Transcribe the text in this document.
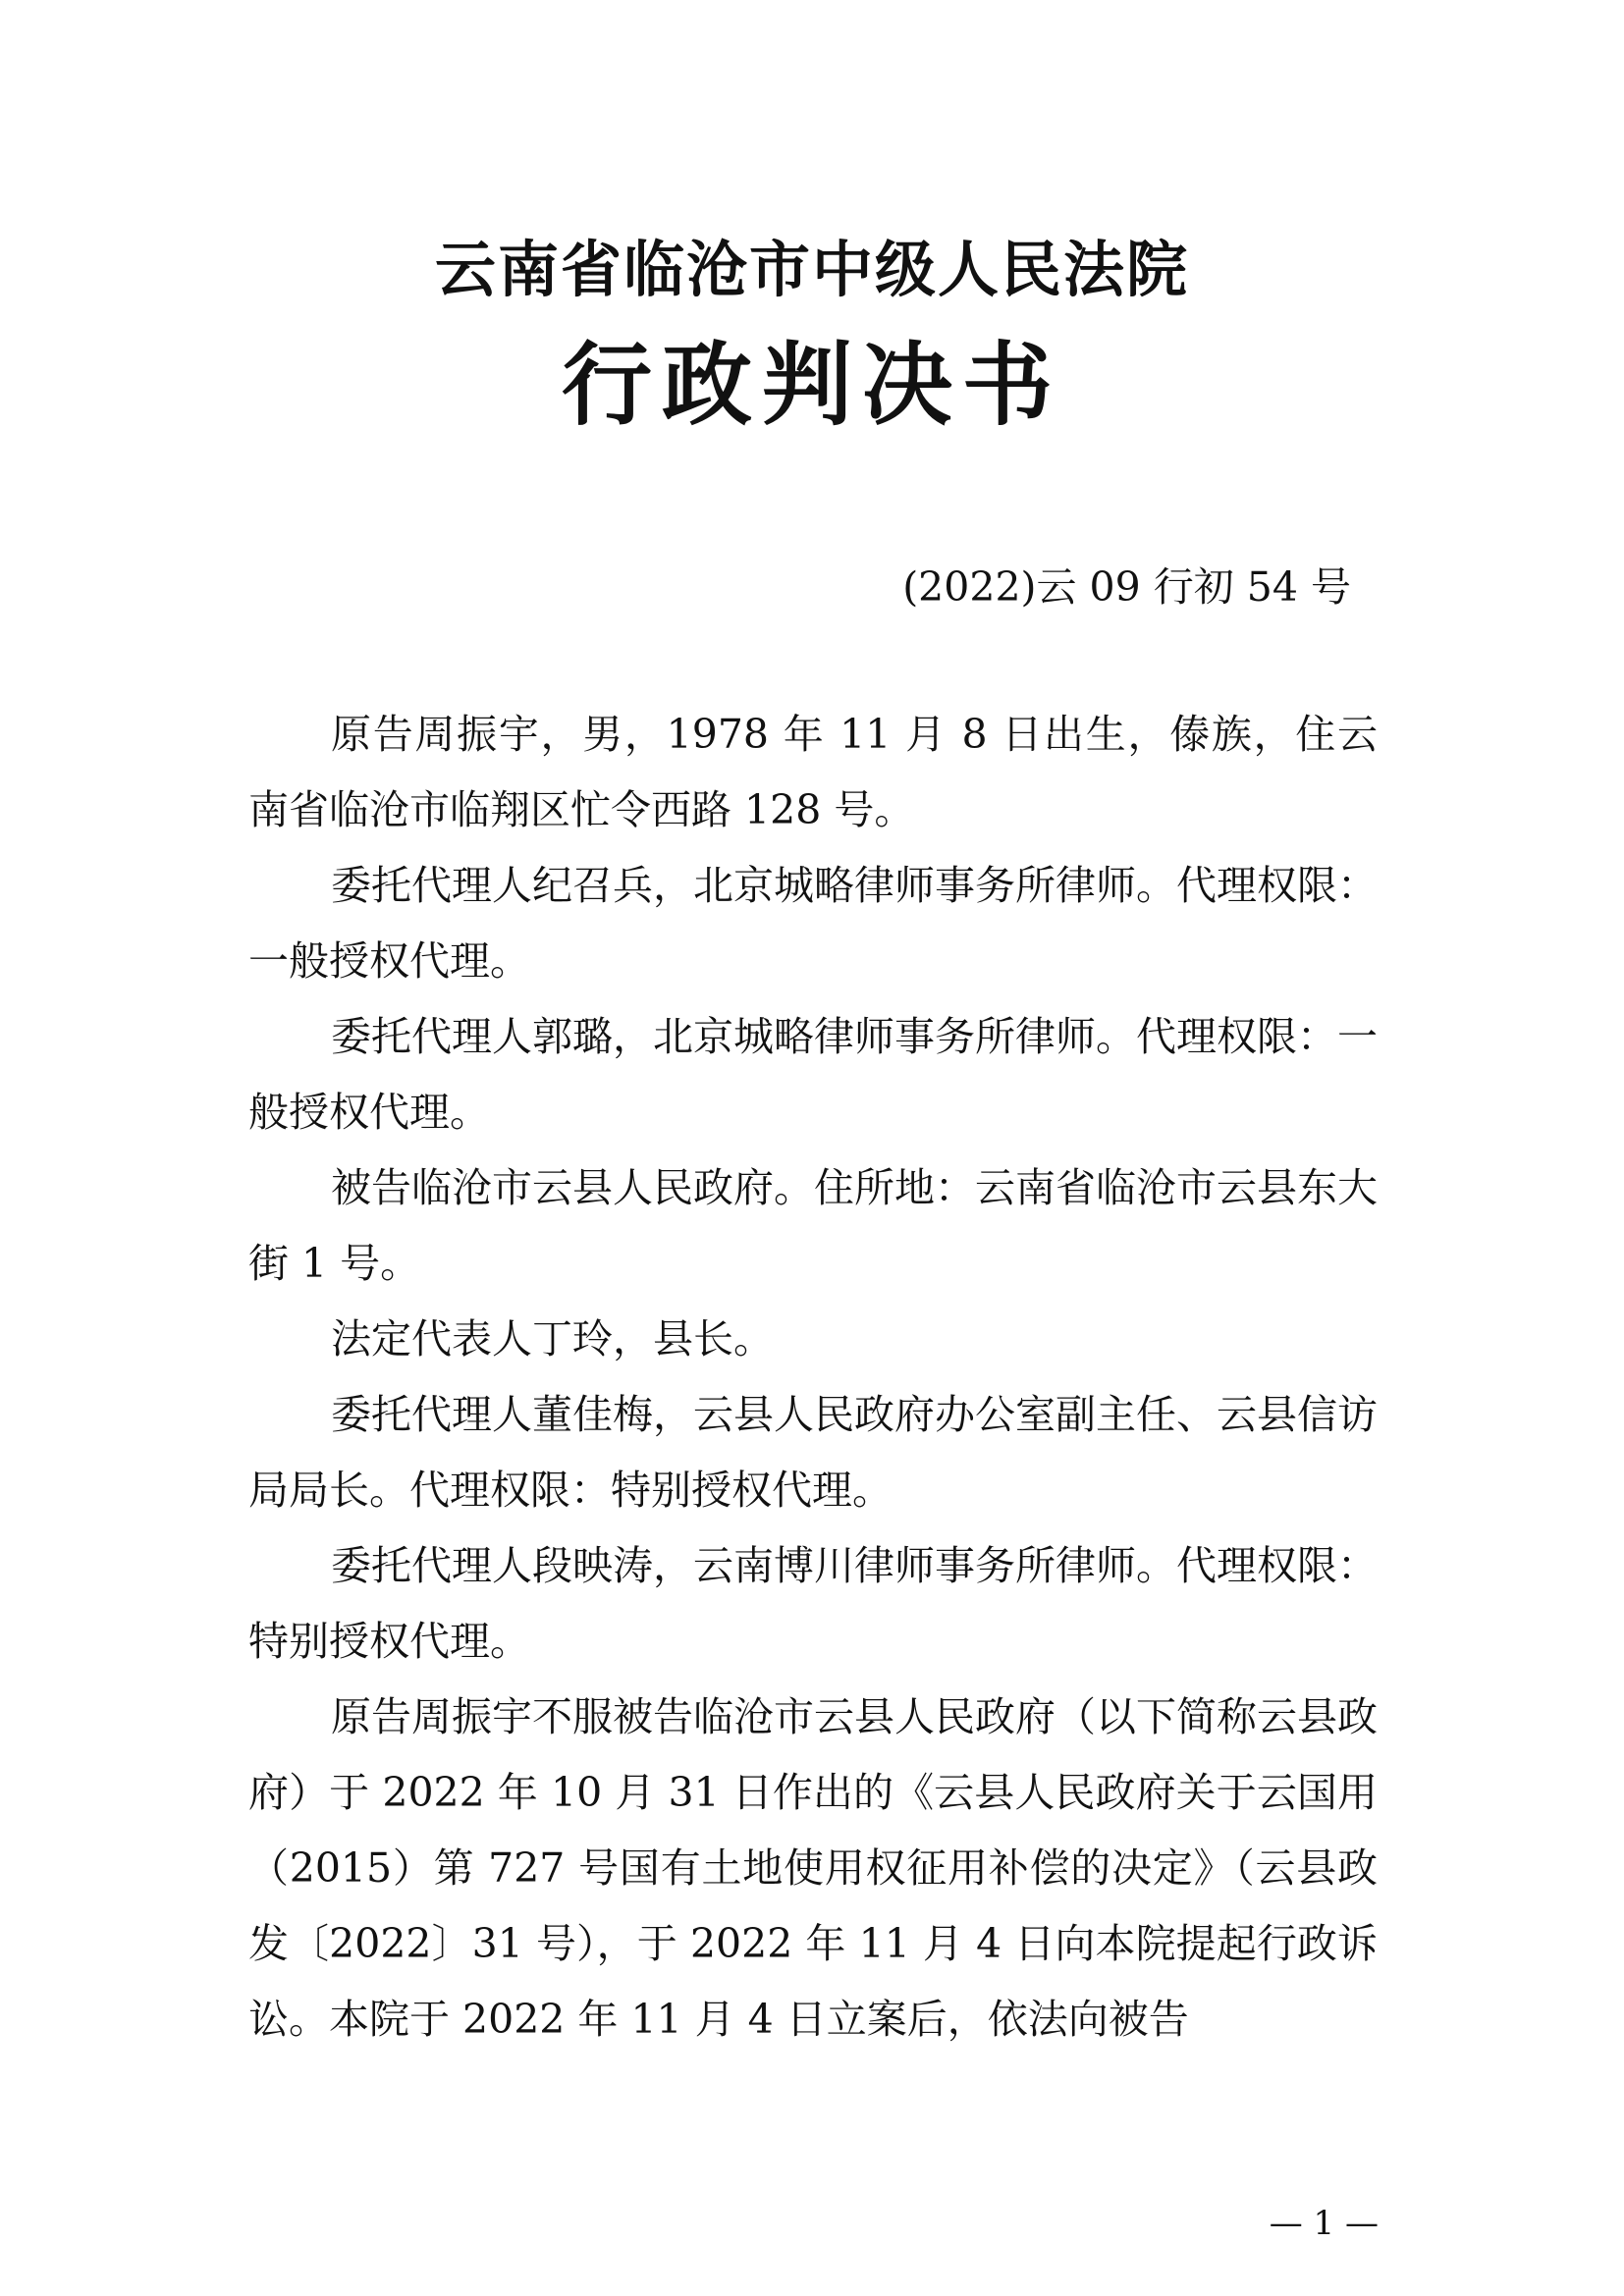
云南省临沧市中级人民法院
行政判决书
(2022)云 09 行初 54 号

原告周振宇，男，1978 年 11 月 8 日出生，傣族，住云南省临沧市临翔区忙令西路 128 号。

委托代理人纪召兵，北京城略律师事务所律师。代理权限：一般授权代理。

委托代理人郭璐，北京城略律师事务所律师。代理权限：一般授权代理。

被告临沧市云县人民政府。住所地：云南省临沧市云县东大街 1 号。

法定代表人丁玲，县长。

委托代理人董佳梅，云县人民政府办公室副主任、云县信访局局长。代理权限：特别授权代理。

委托代理人段映涛，云南博川律师事务所律师。代理权限：特别授权代理。

原告周振宇不服被告临沧市云县人民政府（以下简称云县政府）于 2022 年 10 月 31 日作出的《云县人民政府关于云国用（2015）第 727 号国有土地使用权征用补偿的决定》（云县政发〔2022〕31 号），于 2022 年 11 月 4 日向本院提起行政诉讼。本院于 2022 年 11 月 4 日立案后，依法向被告

— 1 —
